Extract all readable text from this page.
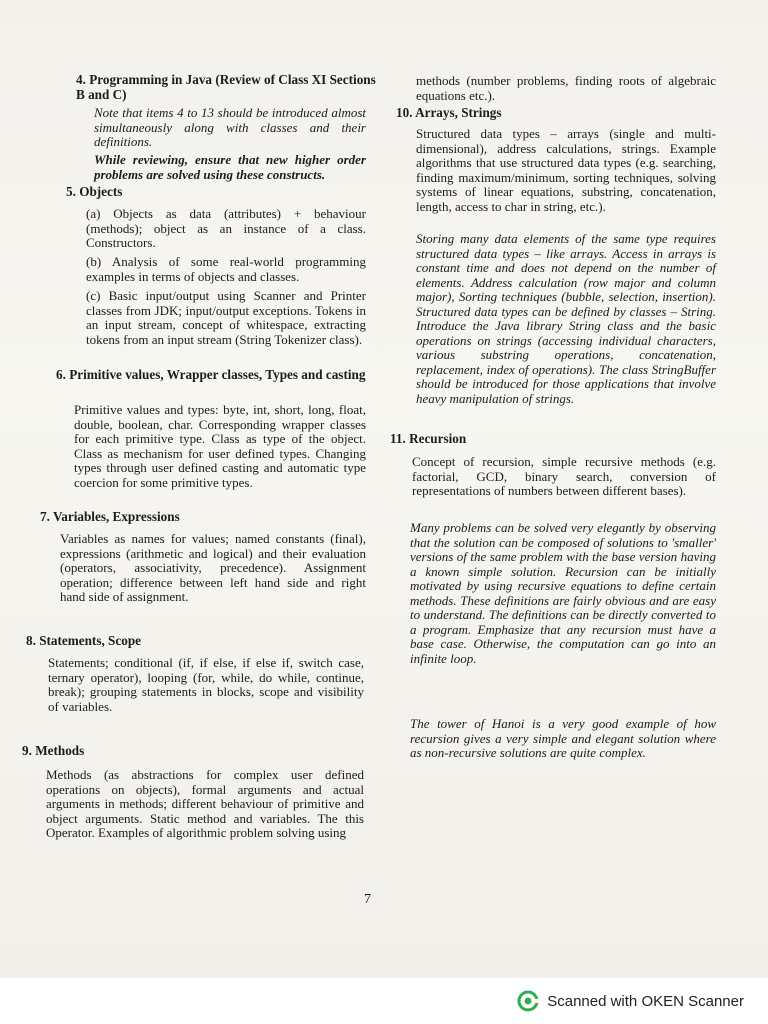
4. Programming in Java (Review of Class XI Sections B and C)
Note that items 4 to 13 should be introduced almost simultaneously along with classes and their definitions.
While reviewing, ensure that new higher order problems are solved using these constructs.
5. Objects
(a) Objects as data (attributes) + behaviour (methods); object as an instance of a class. Constructors.
(b) Analysis of some real-world programming examples in terms of objects and classes.
(c) Basic input/output using Scanner and Printer classes from JDK; input/output exceptions. Tokens in an input stream, concept of whitespace, extracting tokens from an input stream (String Tokenizer class).
6. Primitive values, Wrapper classes, Types and casting
Primitive values and types: byte, int, short, long, float, double, boolean, char. Corresponding wrapper classes for each primitive type. Class as type of the object. Class as mechanism for user defined types. Changing types through user defined casting and automatic type coercion for some primitive types.
7. Variables, Expressions
Variables as names for values; named constants (final), expressions (arithmetic and logical) and their evaluation (operators, associativity, precedence). Assignment operation; difference between left hand side and right hand side of assignment.
8. Statements, Scope
Statements; conditional (if, if else, if else if, switch case, ternary operator), looping (for, while, do while, continue, break); grouping statements in blocks, scope and visibility of variables.
9. Methods
Methods (as abstractions for complex user defined operations on objects), formal arguments and actual arguments in methods; different behaviour of primitive and object arguments. Static method and variables. The this Operator. Examples of algorithmic problem solving using
methods (number problems, finding roots of algebraic equations etc.).
10. Arrays, Strings
Structured data types – arrays (single and multi-dimensional), address calculations, strings. Example algorithms that use structured data types (e.g. searching, finding maximum/minimum, sorting techniques, solving systems of linear equations, substring, concatenation, length, access to char in string, etc.).
Storing many data elements of the same type requires structured data types – like arrays. Access in arrays is constant time and does not depend on the number of elements. Address calculation (row major and column major), Sorting techniques (bubble, selection, insertion). Structured data types can be defined by classes – String. Introduce the Java library String class and the basic operations on strings (accessing individual characters, various substring operations, concatenation, replacement, index of operations). The class StringBuffer should be introduced for those applications that involve heavy manipulation of strings.
11. Recursion
Concept of recursion, simple recursive methods (e.g. factorial, GCD, binary search, conversion of representations of numbers between different bases).
Many problems can be solved very elegantly by observing that the solution can be composed of solutions to 'smaller' versions of the same problem with the base version having a known simple solution. Recursion can be initially motivated by using recursive equations to define certain methods. These definitions are fairly obvious and are easy to understand. The definitions can be directly converted to a program. Emphasize that any recursion must have a base case. Otherwise, the computation can go into an infinite loop.
The tower of Hanoi is a very good example of how recursion gives a very simple and elegant solution where as non-recursive solutions are quite complex.
7
Scanned with OKEN Scanner
